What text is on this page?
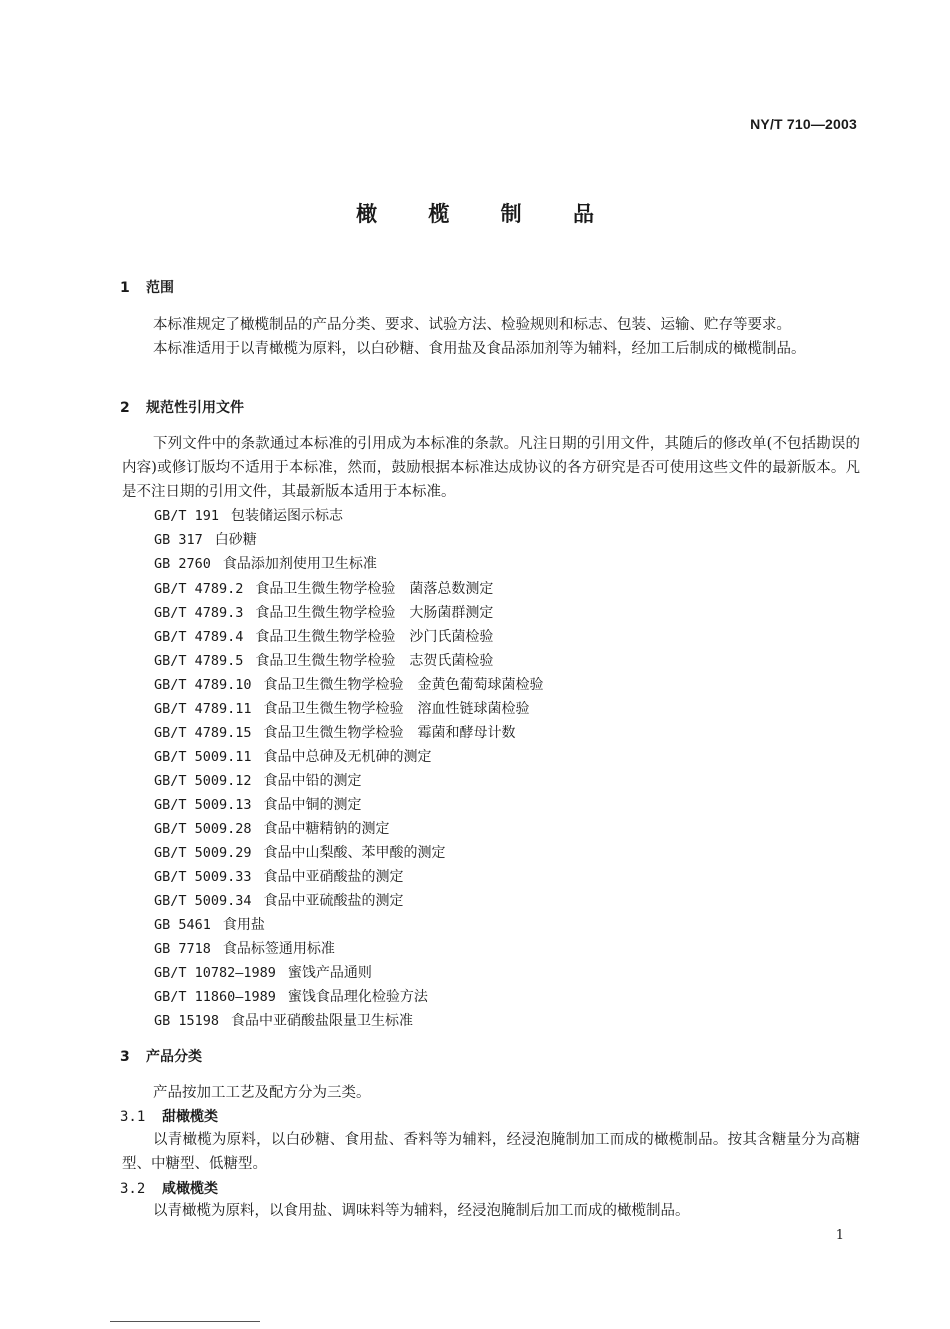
NY/T 710—2003
橄 榄 制 品
1 范围
本标准规定了橄榄制品的产品分类、要求、试验方法、检验规则和标志、包装、运输、贮存等要求。
本标准适用于以青橄榄为原料，以白砂糖、食用盐及食品添加剂等为辅料，经加工后制成的橄榄制品。
2 规范性引用文件
下列文件中的条款通过本标准的引用成为本标准的条款。凡注日期的引用文件，其随后的修改单(不包括勘误的内容)或修订版均不适用于本标准，然而，鼓励根据本标准达成协议的各方研究是否可使用这些文件的最新版本。凡是不注日期的引用文件，其最新版本适用于本标准。
GB/T 191 包装储运图示标志
GB 317 白砂糖
GB 2760 食品添加剂使用卫生标准
GB/T 4789.2 食品卫生微生物学检验　菌落总数测定
GB/T 4789.3 食品卫生微生物学检验　大肠菌群测定
GB/T 4789.4 食品卫生微生物学检验　沙门氏菌检验
GB/T 4789.5 食品卫生微生物学检验　志贺氏菌检验
GB/T 4789.10 食品卫生微生物学检验　金黄色葡萄球菌检验
GB/T 4789.11 食品卫生微生物学检验　溶血性链球菌检验
GB/T 4789.15 食品卫生微生物学检验　霉菌和酵母计数
GB/T 5009.11 食品中总砷及无机砷的测定
GB/T 5009.12 食品中铅的测定
GB/T 5009.13 食品中铜的测定
GB/T 5009.28 食品中糖精钠的测定
GB/T 5009.29 食品中山梨酸、苯甲酸的测定
GB/T 5009.33 食品中亚硝酸盐的测定
GB/T 5009.34 食品中亚硫酸盐的测定
GB 5461 食用盐
GB 7718 食品标签通用标准
GB/T 10782—1989 蜜饯产品通则
GB/T 11860—1989 蜜饯食品理化检验方法
GB 15198 食品中亚硝酸盐限量卫生标准
3 产品分类
产品按加工工艺及配方分为三类。
3.1 甜橄榄类
以青橄榄为原料，以白砂糖、食用盐、香料等为辅料，经浸泡腌制加工而成的橄榄制品。按其含糖量分为高糖型、中糖型、低糖型。
3.2 咸橄榄类
以青橄榄为原料，以食用盐、调味料等为辅料，经浸泡腌制后加工而成的橄榄制品。
1
